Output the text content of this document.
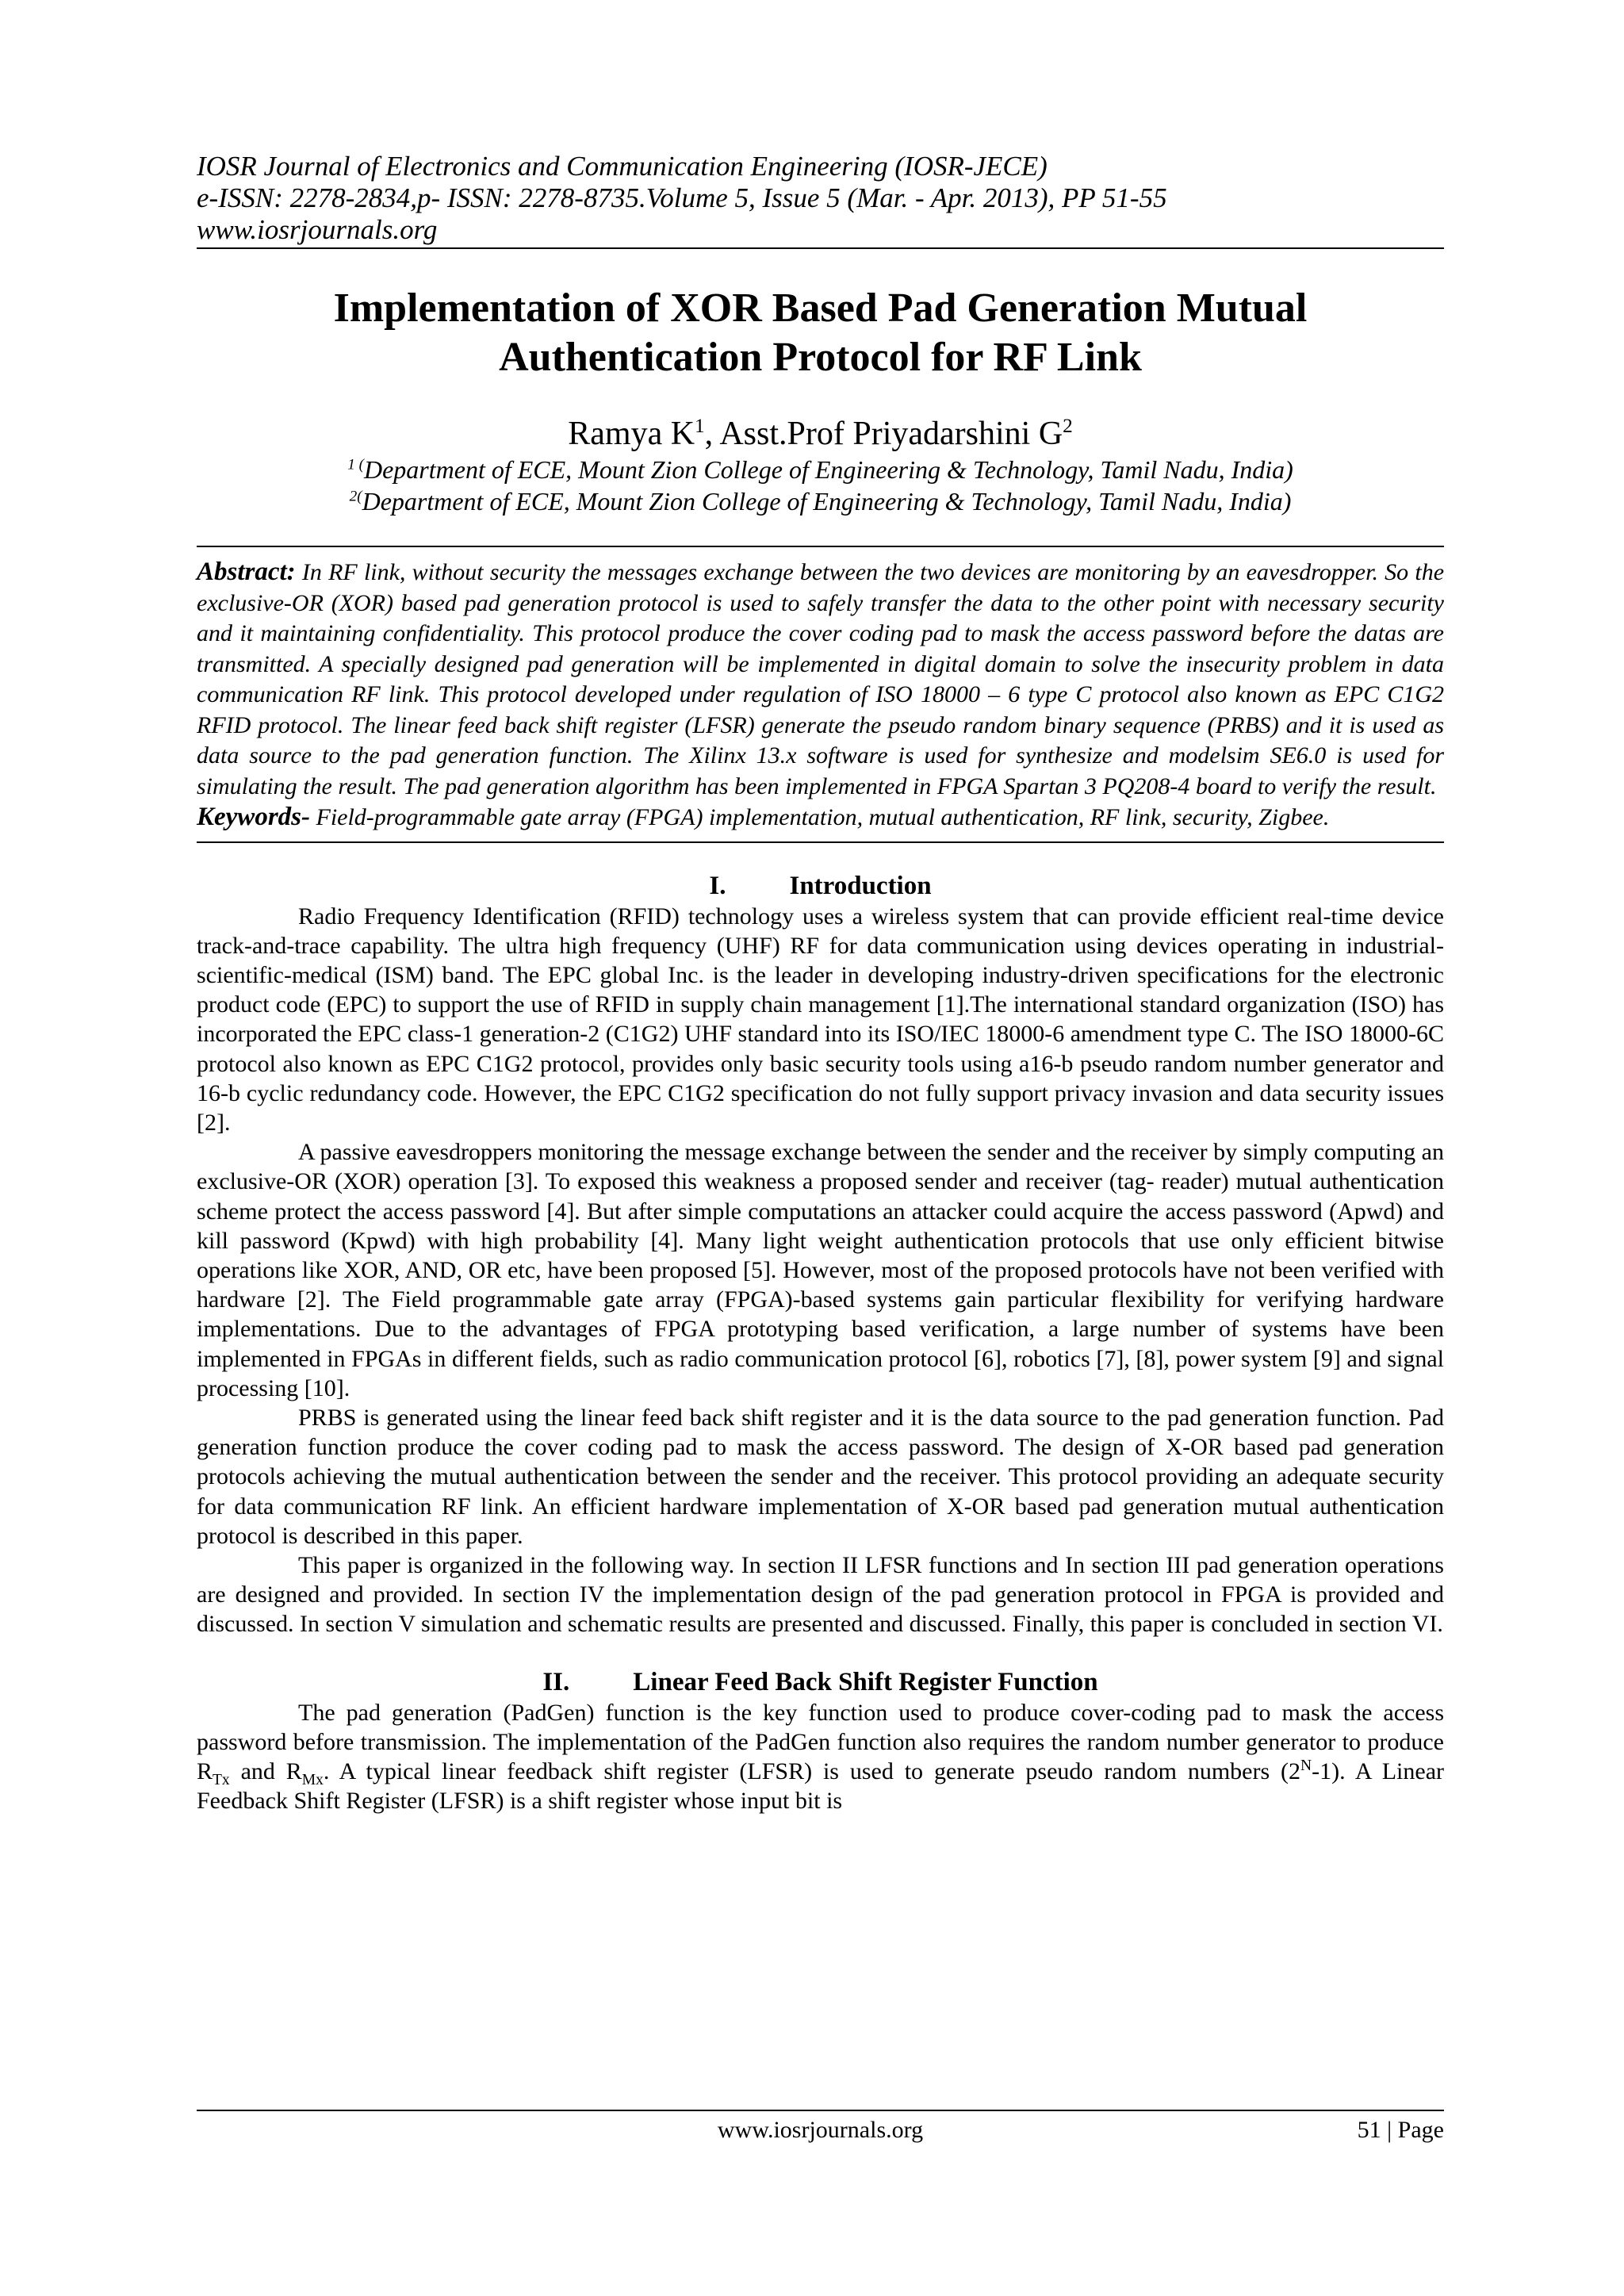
IOSR Journal of Electronics and Communication Engineering (IOSR-JECE)
e-ISSN: 2278-2834,p- ISSN: 2278-8735.Volume 5, Issue 5 (Mar. - Apr. 2013), PP 51-55
www.iosrjournals.org
Implementation of XOR Based Pad Generation Mutual
Authentication Protocol for RF Link
Ramya $K^1$, Asst.Prof Priyadarshini $G^2$
$^{1 (}$Department of ECE, Mount Zion College of Engineering & Technology, Tamil Nadu, India)
$^{2(}$Department of ECE, Mount Zion College of Engineering & Technology, Tamil Nadu, India)

Abstract: In RF link, without security the messages exchange between the two devices are monitoring by an eavesdropper. So the exclusive-OR (XOR) based pad generation protocol is used to safely transfer the data to the other point with necessary security and it maintaining confidentiality. This protocol produce the cover coding pad to mask the access password before the datas are transmitted. A specially designed pad generation will be implemented in digital domain to solve the insecurity problem in data communication RF link. This protocol developed under regulation of ISO 18000 – 6 type C protocol also known as EPC C1G2 RFID protocol. The linear feed back shift register (LFSR) generate the pseudo random binary sequence (PRBS) and it is used as data source to the pad generation function. The Xilinx 13.x software is used for synthesize and modelsim SE6.0 is used for simulating the result. The pad generation algorithm has been implemented in FPGA Spartan 3 PQ208-4 board to verify the result.

Keywords- Field-programmable gate array (FPGA) implementation, mutual authentication, RF link, security, Zigbee.

I. Introduction

Radio Frequency Identification (RFID) technology uses a wireless system that can provide efficient real-time device track-and-trace capability. The ultra high frequency (UHF) RF for data communication using devices operating in industrial-scientific-medical (ISM) band. The EPC global Inc. is the leader in developing industry-driven specifications for the electronic product code (EPC) to support the use of RFID in supply chain management [1].The international standard organization (ISO) has incorporated the EPC class-1 generation-2 (C1G2) UHF standard into its ISO/IEC 18000-6 amendment type C. The ISO 18000-6C protocol also known as EPC C1G2 protocol, provides only basic security tools using a16-b pseudo random number generator and 16-b cyclic redundancy code. However, the EPC C1G2 specification do not fully support privacy invasion and data security issues [2].

A passive eavesdroppers monitoring the message exchange between the sender and the receiver by simply computing an exclusive-OR (XOR) operation [3]. To exposed this weakness a proposed sender and receiver (tag- reader) mutual authentication scheme protect the access password [4]. But after simple computations an attacker could acquire the access password (Apwd) and kill password (Kpwd) with high probability [4]. Many light weight authentication protocols that use only efficient bitwise operations like XOR, AND, OR etc, have been proposed [5]. However, most of the proposed protocols have not been verified with hardware [2]. The Field programmable gate array (FPGA)-based systems gain particular flexibility for verifying hardware implementations. Due to the advantages of FPGA prototyping based verification, a large number of systems have been implemented in FPGAs in different fields, such as radio communication protocol [6], robotics [7], [8], power system [9] and signal processing [10].

PRBS is generated using the linear feed back shift register and it is the data source to the pad generation function. Pad generation function produce the cover coding pad to mask the access password. The design of X-OR based pad generation protocols achieving the mutual authentication between the sender and the receiver. This protocol providing an adequate security for data communication RF link. An efficient hardware implementation of X-OR based pad generation mutual authentication protocol is described in this paper.

This paper is organized in the following way. In section II LFSR functions and In section III pad generation operations are designed and provided. In section IV the implementation design of the pad generation protocol in FPGA is provided and discussed. In section V simulation and schematic results are presented and discussed. Finally, this paper is concluded in section VI.

II. Linear Feed Back Shift Register Function

The pad generation (PadGen) function is the key function used to produce cover-coding pad to mask the access password before transmission. The implementation of the PadGen function also requires the random number generator to produce $R_{Tx}$ and $R_{Mx}$. A typical linear feedback shift register (LFSR) is used to generate pseudo random numbers $(2^N-1)$. A Linear Feedback Shift Register (LFSR) is a shift register whose input bit is

www.iosrjournals.org	51 | Page
